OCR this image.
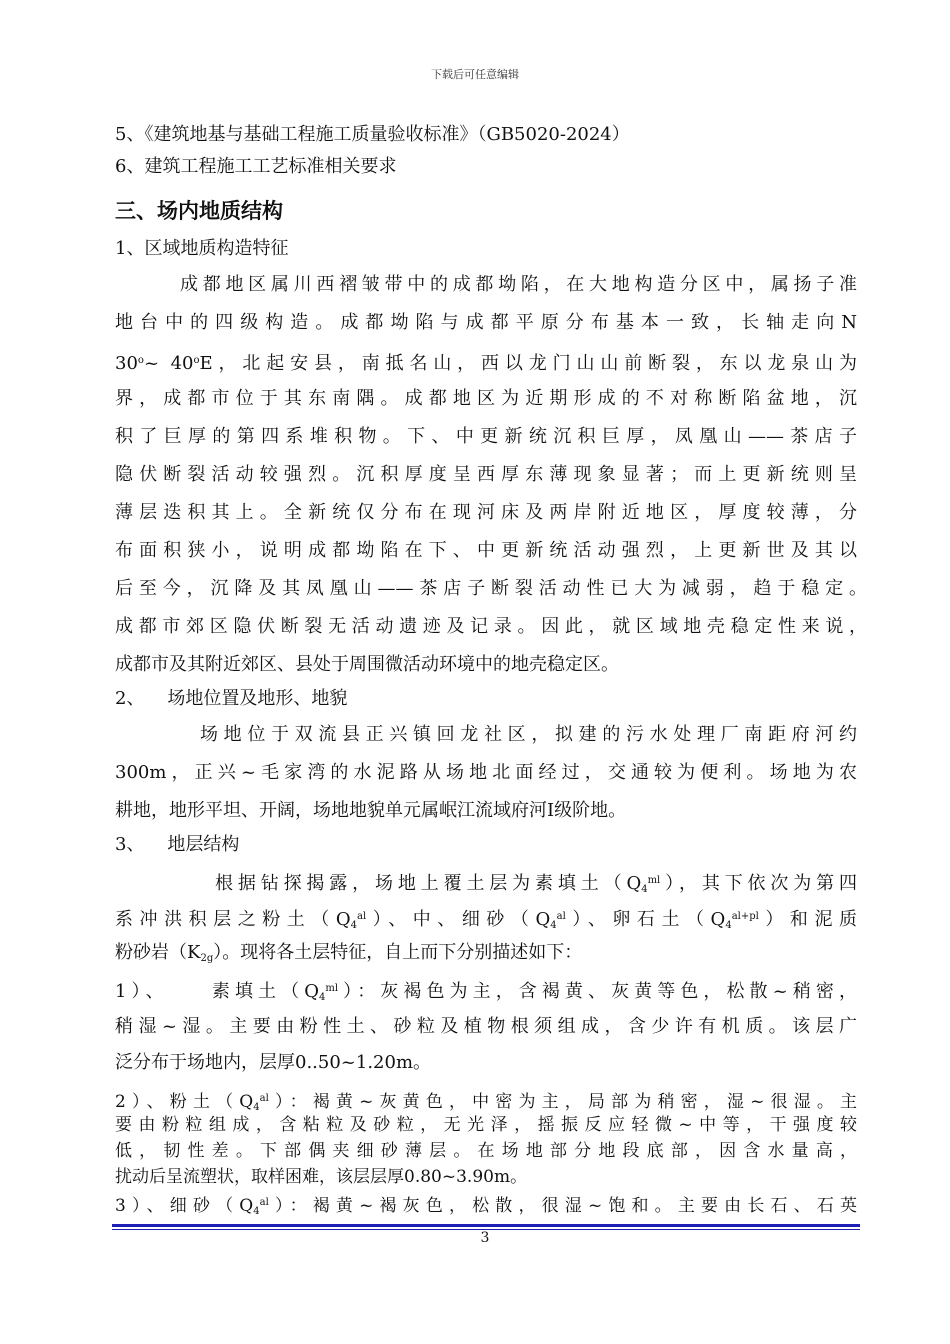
下载后可任意编辑
5、《建筑地基与基础工程施工质量验收标准》（GB5020-2024）
6、建筑工程施工工艺标准相关要求
三、场内地质结构
1、区域地质构造特征
成都地区属川西褶皱带中的成都坳陷，在大地构造分区中，属扬子准
地台中的四级构造。成都坳陷与成都平原分布基本一致，长轴走向N
30$^o$~ 40$^o$E，北起安县，南抵名山，西以龙门山山前断裂，东以龙泉山为
界，成都市位于其东南隅。成都地区为近期形成的不对称断陷盆地，沉
积了巨厚的第四系堆积物。下、中更新统沉积巨厚，凤凰山——茶店子
隐伏断裂活动较强烈。沉积厚度呈西厚东薄现象显著；而上更新统则呈
薄层迭积其上。全新统仅分布在现河床及两岸附近地区，厚度较薄，分
布面积狭小，说明成都坳陷在下、中更新统活动强烈，上更新世及其以
后至今，沉降及其凤凰山——茶店子断裂活动性已大为减弱，趋于稳定。
成都市郊区隐伏断裂无活动遗迹及记录。因此，就区域地壳稳定性来说，
成都市及其附近郊区、县处于周围微活动环境中的地壳稳定区。
2、    场地位置及地形、地貌
场地位于双流县正兴镇回龙社区，拟建的污水处理厂南距府河约
300m，正兴~毛家湾的水泥路从场地北面经过，交通较为便利。场地为农
耕地，地形平坦、开阔，场地地貌单元属岷江流域府河Ⅰ级阶地。
3、    地层结构
根据钻探揭露，场地上覆土层为素填土$(Q_4^{ml})$，其下依次为第四
系冲洪积层之粉土$(Q_4^{al})$、中、细砂$(Q_4^{al})$、卵石土$(Q_4^{al+pl})$和泥质
粉砂岩$(K_{2g})$。现将各土层特征，自上而下分别描述如下：
1）、    素填土$(Q_4^{ml})$：灰褐色为主，含褐黄、灰黄等色，松散~稍密，
稍湿~湿。主要由粉性土、砂粒及植物根须组成，含少许有机质。该层广
泛分布于场地内，层厚0..50~1.20m。
2）、粉土$(Q_4^{al})$：褐黄~灰黄色，中密为主，局部为稍密，湿~很湿。主
要由粉粒组成，含粘粒及砂粒，无光泽，摇振反应轻微~中等，干强度较
低，韧性差。下部偶夹细砂薄层。在场地部分地段底部，因含水量高，
扰动后呈流塑状，取样困难，该层层厚0.80~3.90m。
3）、细砂$(Q_4^{al})$：褐黄~褐灰色，松散，很湿~饱和。主要由长石、石英
3
